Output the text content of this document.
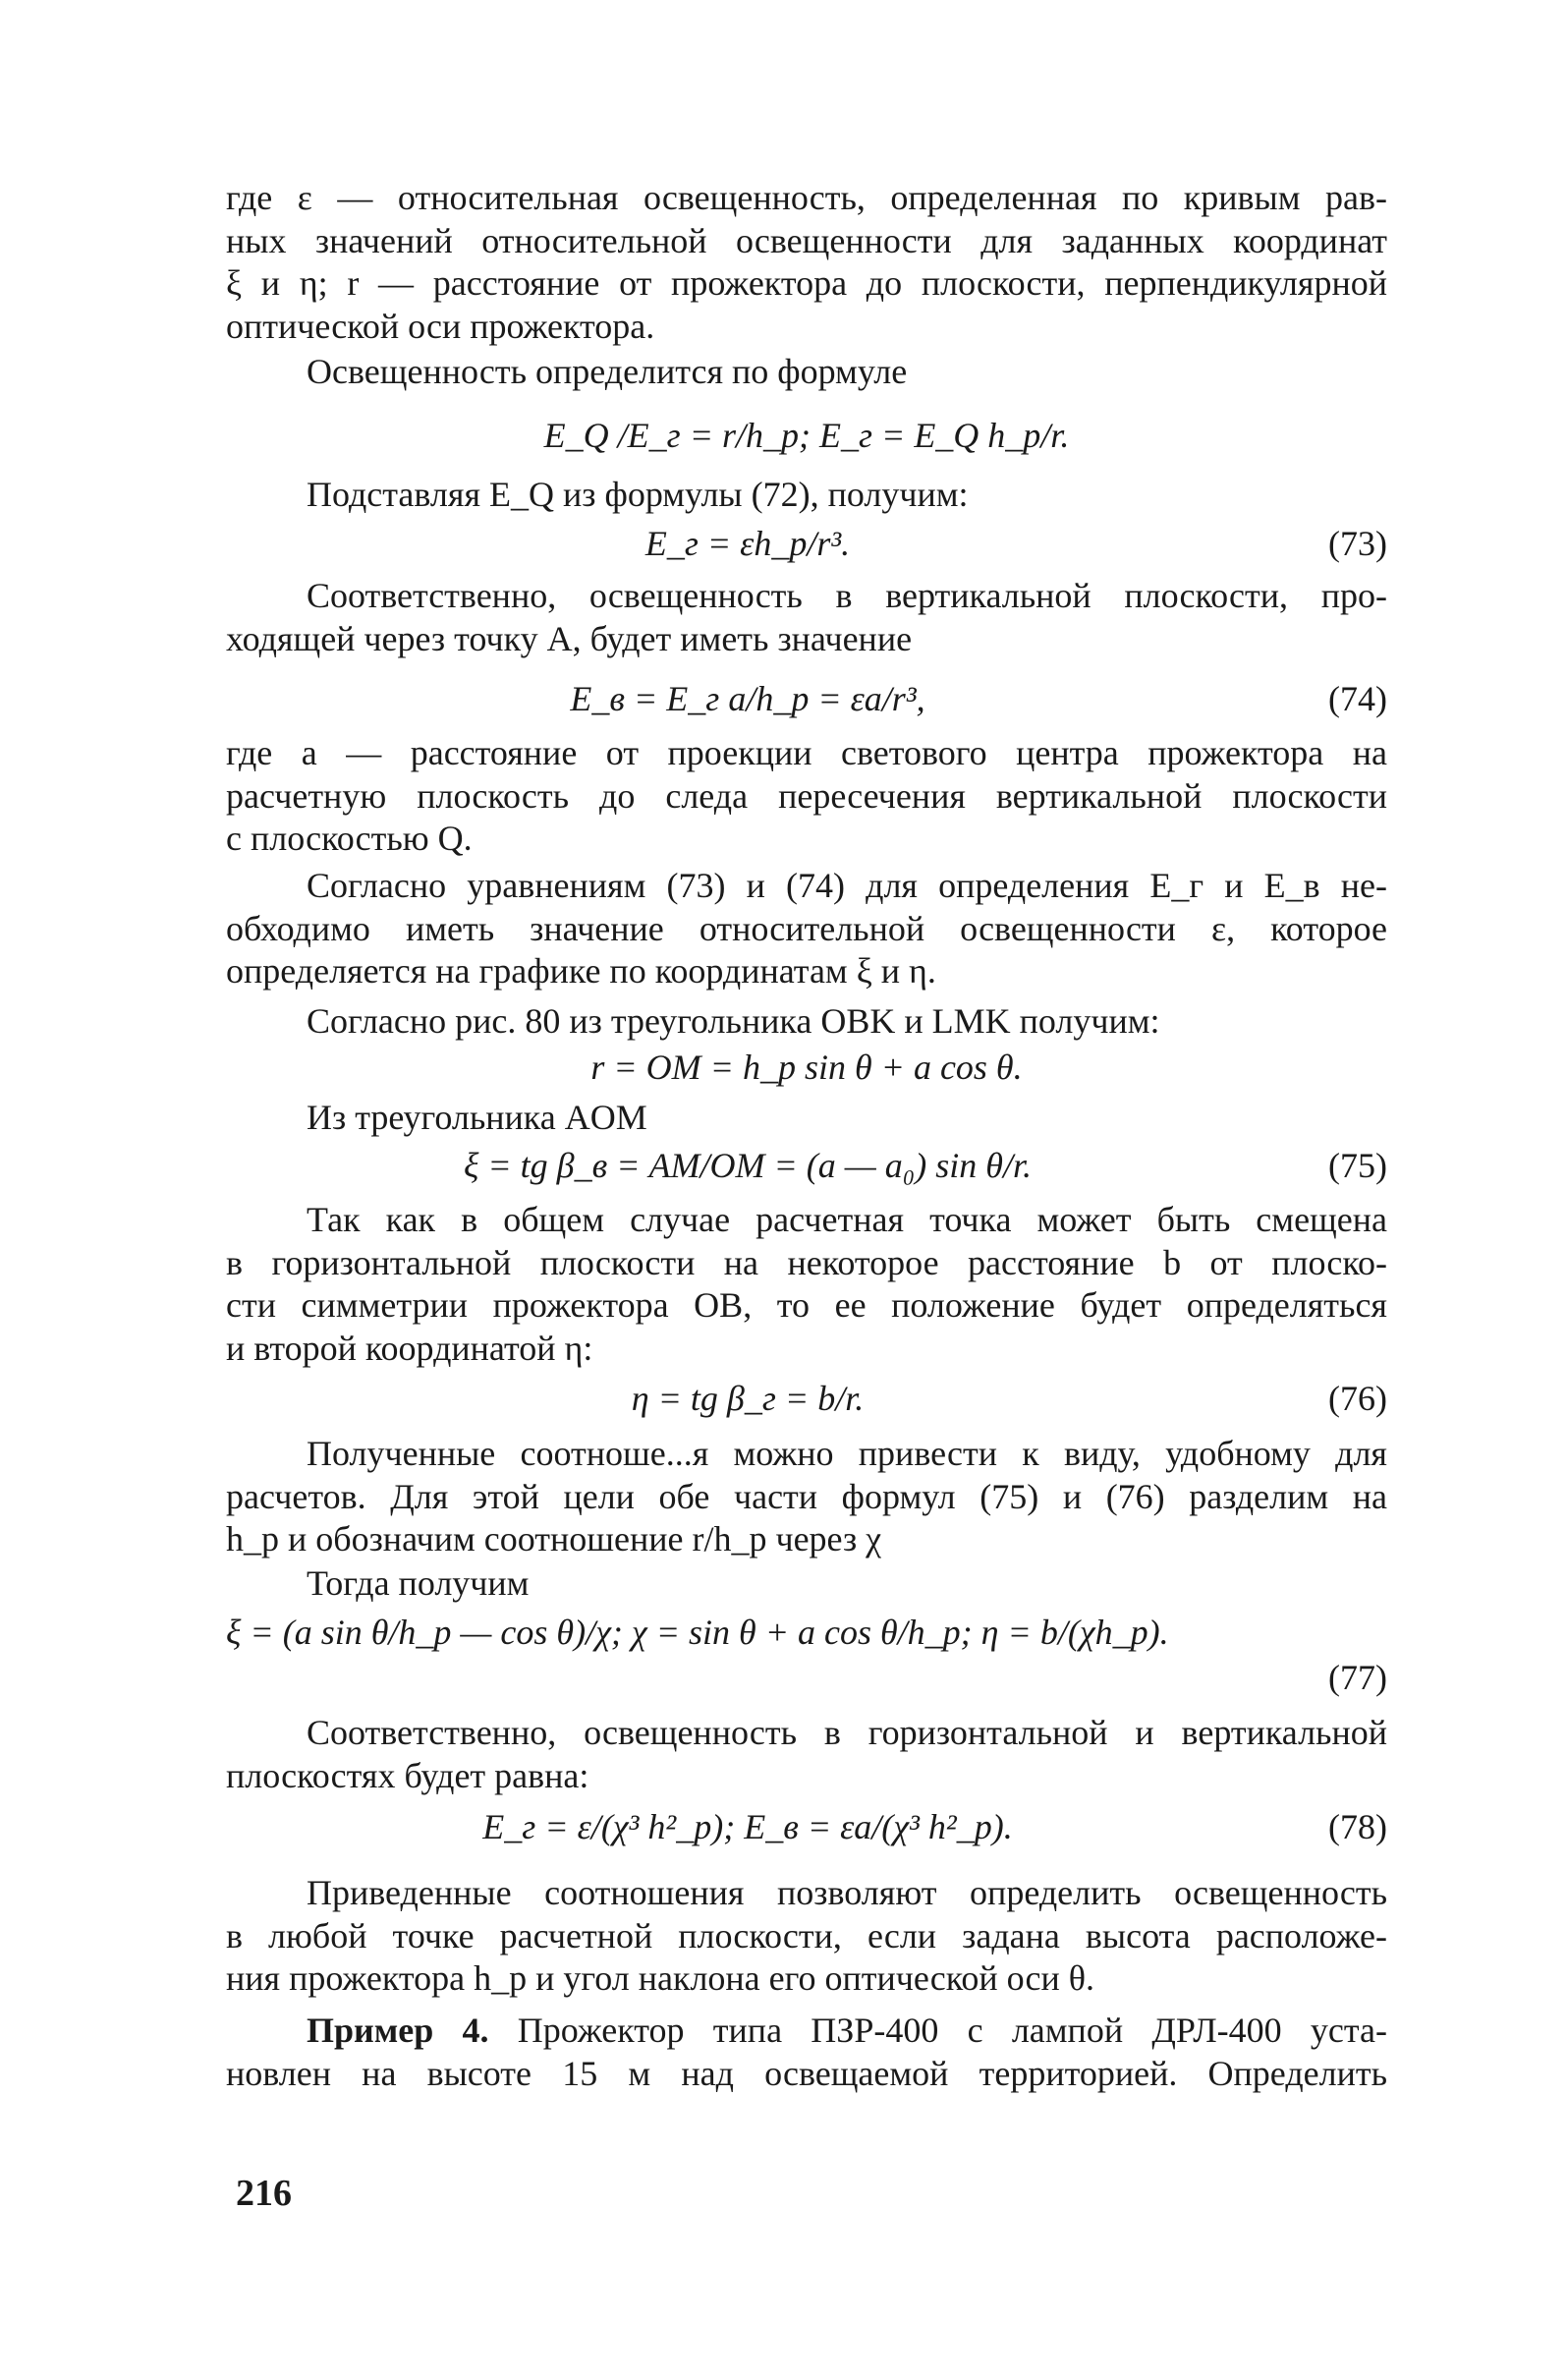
где ε — относительная освещенность, определенная по кривым рав-
ных значений относительной освещенности для заданных координат
ξ и η; r — расстояние от прожектора до плоскости, перпендикулярной
оптической оси прожектора.

Освещенность определится по формуле

E_Q /E_г = r/h_р; E_г = E_Q h_р/r.

Подставляя E_Q из формулы (72), получим:

E_г = εh_р/r³.	(73)

Соответственно, освещенность в вертикальной плоскости, про-
ходящей через точку A, будет иметь значение

E_в = E_г a/h_р = εa/r³,	(74)

где a — расстояние от проекции светового центра прожектора на
расчетную плоскость до следа пересечения вертикальной плоскости
с плоскостью Q.

Согласно уравнениям (73) и (74) для определения E_г и E_в не-
обходимо иметь значение относительной освещенности ε, которое
определяется на графике по координатам ξ и η.

Согласно рис. 80 из треугольника OBK и LMK получим:

r = OM = h_р sin θ + a cos θ.

Из треугольника AOM

ξ = tg β_в = AM/OM = (a — a₀) sin θ/r.	(75)

Так как в общем случае расчетная точка может быть смещена
в горизонтальной плоскости на некоторое расстояние b от плоско-
сти симметрии прожектора OB, то ее положение будет определяться
и второй координатой η:

η = tg β_г = b/r.	(76)

Полученные соотноше...я можно привести к виду, удобному для
расчетов. Для этой цели обе части формул (75) и (76) разделим на
h_р и обозначим соотношение r/h_р через χ

Тогда получим

ξ = (a sin θ/h_р — cos θ)/χ; χ = sin θ + a cos θ/h_р; η = b/(χh_р).
(77)

Соответственно, освещенность в горизонтальной и вертикальной
плоскостях будет равна:

E_г = ε/(χ³ h²_р); E_в = εa/(χ³ h²_р).	(78)

Приведенные соотношения позволяют определить освещенность
в любой точке расчетной плоскости, если задана высота расположе-
ния прожектора h_р и угол наклона его оптической оси θ.

Пример 4. Прожектор типа ПЗР-400 с лампой ДРЛ-400 уста-
новлен на высоте 15 м над освещаемой территорией. Определить

216
